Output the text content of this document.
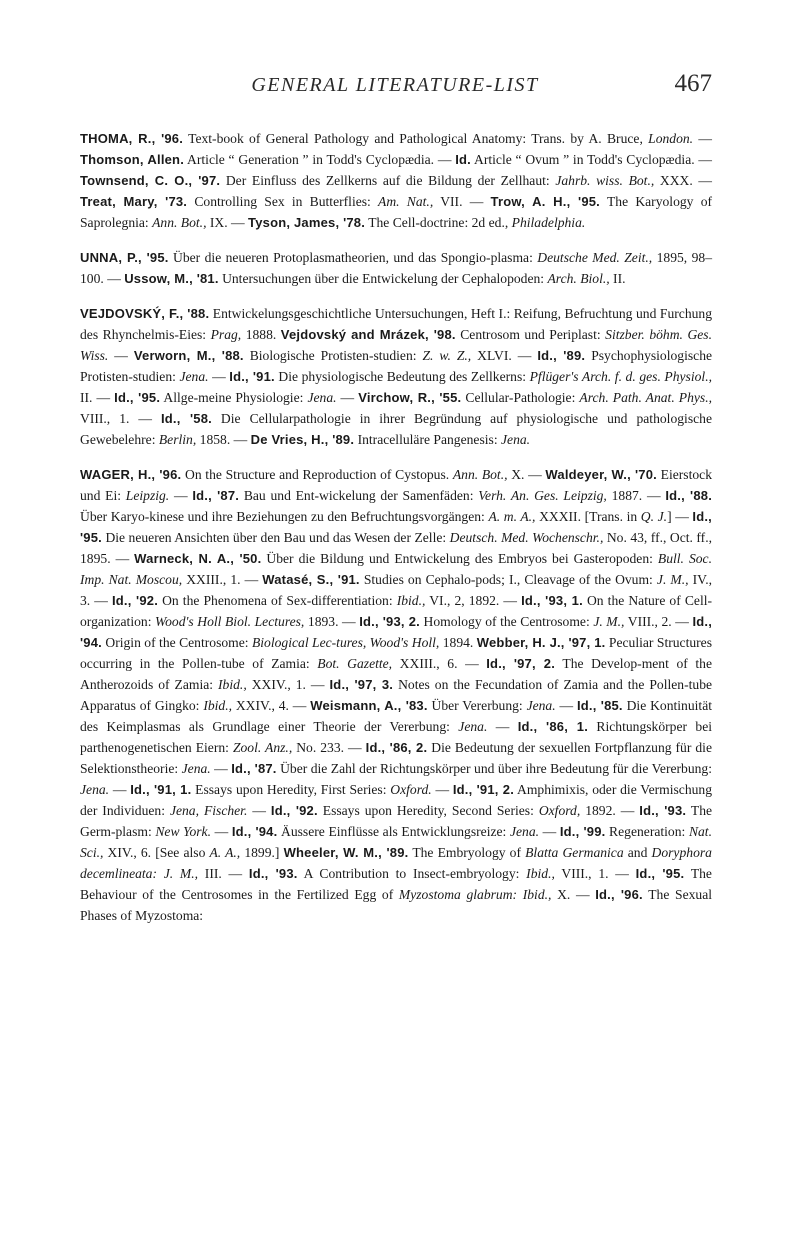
GENERAL LITERATURE-LIST	467
THOMA, R., '96. Text-book of General Pathology and Pathological Anatomy: Trans. by A. Bruce, London. — Thomson, Allen. Article “ Generation ” in Todd's Cyclopædia. — Id. Article “ Ovum ” in Todd's Cyclopædia. — Townsend, C. O., '97. Der Einfluss des Zellkerns auf die Bildung der Zellhaut: Jahrb. wiss. Bot., XXX. — Treat, Mary, '73. Controlling Sex in Butterflies: Am. Nat., VII. — Trow, A. H., '95. The Karyology of Saprolegnia: Ann. Bot., IX. — Tyson, James, '78. The Cell-doctrine: 2d ed., Philadelphia.
UNNA, P., '95. Über die neueren Protoplasmatheorien, und das Spongio-plasma: Deutsche Med. Zeit., 1895, 98–100. — Ussow, M., '81. Untersuchungen über die Entwickelung der Cephalopoden: Arch. Biol., II.
VEJDOVSKÝ, F., '88. Entwickelungsgeschichtliche Untersuchungen, Heft I.: Reifung, Befruchtung und Furchung des Rhynchelmis-Eies: Prag, 1888. Vejdovský and Mrázek, '98. Centrosom und Periplast: Sitzber. böhm. Ges. Wiss. — Verworn, M., '88. Biologische Protisten-studien: Z. w. Z., XLVI. — Id., '89. Psychophysiologische Protisten-studien: Jena. — Id., '91. Die physiologische Bedeutung des Zellkerns: Pflüger's Arch. f. d. ges. Physiol., II. — Id., '95. Allge-meine Physiologie: Jena. — Virchow, R., '55. Cellular-Pathologie: Arch. Path. Anat. Phys., VIII., 1. — Id., '58. Die Cellularpathologie in ihrer Begründung auf physiologische und pathologische Gewebelehre: Berlin, 1858. — De Vries, H., '89. Intracelluläre Pangenesis: Jena.
WAGER, H., '96. On the Structure and Reproduction of Cystopus. Ann. Bot., X. — Waldeyer, W., '70. Eierstock und Ei: Leipzig. — Id., '87. Bau und Ent-wickelung der Samenfäden: Verh. An. Ges. Leipzig, 1887. — Id., '88. Über Karyo-kinese und ihre Beziehungen zu den Befruchtungsvorgängen: A. m. A., XXXII. [Trans. in Q. J.] — Id., '95. Die neueren Ansichten über den Bau und das Wesen der Zelle: Deutsch. Med. Wochenschr., No. 43, ff., Oct. ff., 1895. — Warneck, N. A., '50. Über die Bildung und Entwickelung des Embryos bei Gasteropoden: Bull. Soc. Imp. Nat. Moscou, XXIII., 1. — Watasé, S., '91. Studies on Cephalo-pods; I., Cleavage of the Ovum: J. M., IV., 3. — Id., '92. On the Phenomena of Sex-differentiation: Ibid., VI., 2, 1892. — Id., '93, 1. On the Nature of Cell-organization: Wood's Holl Biol. Lectures, 1893. — Id., '93, 2. Homology of the Centrosome: J. M., VIII., 2. — Id., '94. Origin of the Centrosome: Biological Lec-tures, Wood's Holl, 1894. Webber, H. J., '97, 1. Peculiar Structures occurring in the Pollen-tube of Zamia: Bot. Gazette, XXIII., 6. — Id., '97, 2. The Develop-ment of the Antherozoids of Zamia: Ibid., XXIV., 1. — Id., '97, 3. Notes on the Fecundation of Zamia and the Pollen-tube Apparatus of Gingko: Ibid., XXIV., 4. — Weismann, A., '83. Über Vererbung: Jena. — Id., '85. Die Kontinuität des Keimplasmas als Grundlage einer Theorie der Vererbung: Jena. — Id., '86, 1. Richtungskörper bei parthenogenetischen Eiern: Zool. Anz., No. 233. — Id., '86, 2. Die Bedeutung der sexuellen Fortpflanzung für die Selektionstheorie: Jena. — Id., '87. Über die Zahl der Richtungskörper und über ihre Bedeutung für die Vererbung: Jena. — Id., '91, 1. Essays upon Heredity, First Series: Oxford. — Id., '91, 2. Amphimixis, oder die Vermischung der Individuen: Jena, Fischer. — Id., '92. Essays upon Heredity, Second Series: Oxford, 1892. — Id., '93. The Germ-plasm: New York. — Id., '94. Äussere Einflüsse als Entwicklungsreize: Jena. — Id., '99. Regeneration: Nat. Sci., XIV., 6. [See also A. A., 1899.] Wheeler, W. M., '89. The Embryology of Blatta Germanica and Doryphora decemlineata: J. M., III. — Id., '93. A Contribution to Insect-embryology: Ibid., VIII., 1. — Id., '95. The Behaviour of the Centrosomes in the Fertilized Egg of Myzostoma glabrum: Ibid., X. — Id., '96. The Sexual Phases of Myzostoma:
